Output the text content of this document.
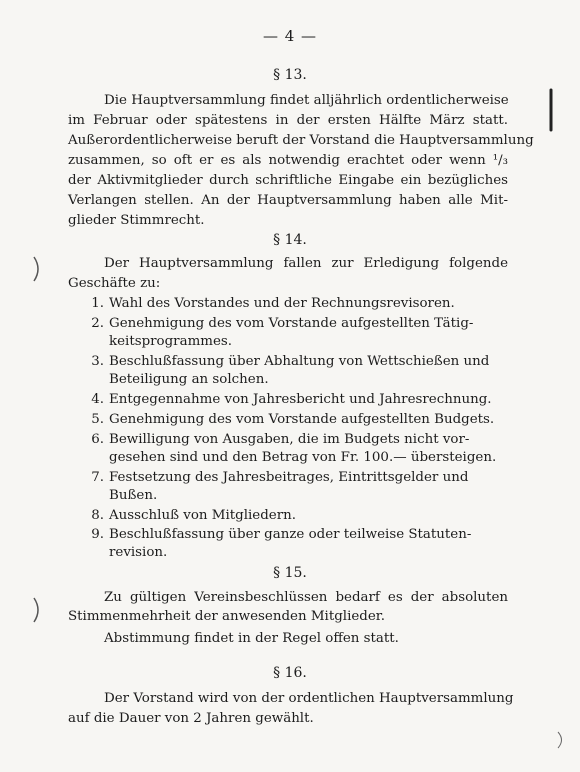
— 4 —
§ 13.
Die Hauptversammlung findet alljährlich ordentlicherweise
im Februar oder spätestens in der ersten Hälfte März statt.
Außerordentlicherweise beruft der Vorstand die Hauptversammlung
zusammen, so oft er es als notwendig erachtet oder wenn ¹/₃
der Aktivmitglieder durch schriftliche Eingabe ein bezügliches
Verlangen stellen. An der Hauptversammlung haben alle Mit-
glieder Stimmrecht.
§ 14.
Der Hauptversammlung fallen zur Erledigung folgende
Geschäfte zu:
1. Wahl des Vorstandes und der Rechnungsrevisoren.
2. Genehmigung des vom Vorstande aufgestellten Tätig-
keitsprogrammes.
3. Beschlußfassung über Abhaltung von Wettschießen und
Beteiligung an solchen.
4. Entgegennahme von Jahresbericht und Jahresrechnung.
5. Genehmigung des vom Vorstande aufgestellten Budgets.
6. Bewilligung von Ausgaben, die im Budgets nicht vor-
gesehen sind und den Betrag von Fr. 100.— übersteigen.
7. Festsetzung des Jahresbeitrages, Eintrittsgelder und
Bußen.
8. Ausschluß von Mitgliedern.
9. Beschlußfassung über ganze oder teilweise Statuten-
revision.
§ 15.
Zu gültigen Vereinsbeschlüssen bedarf es der absoluten
Stimmenmehrheit der anwesenden Mitglieder.
Abstimmung findet in der Regel offen statt.
§ 16.
Der Vorstand wird von der ordentlichen Hauptversammlung
auf die Dauer von 2 Jahren gewählt.
